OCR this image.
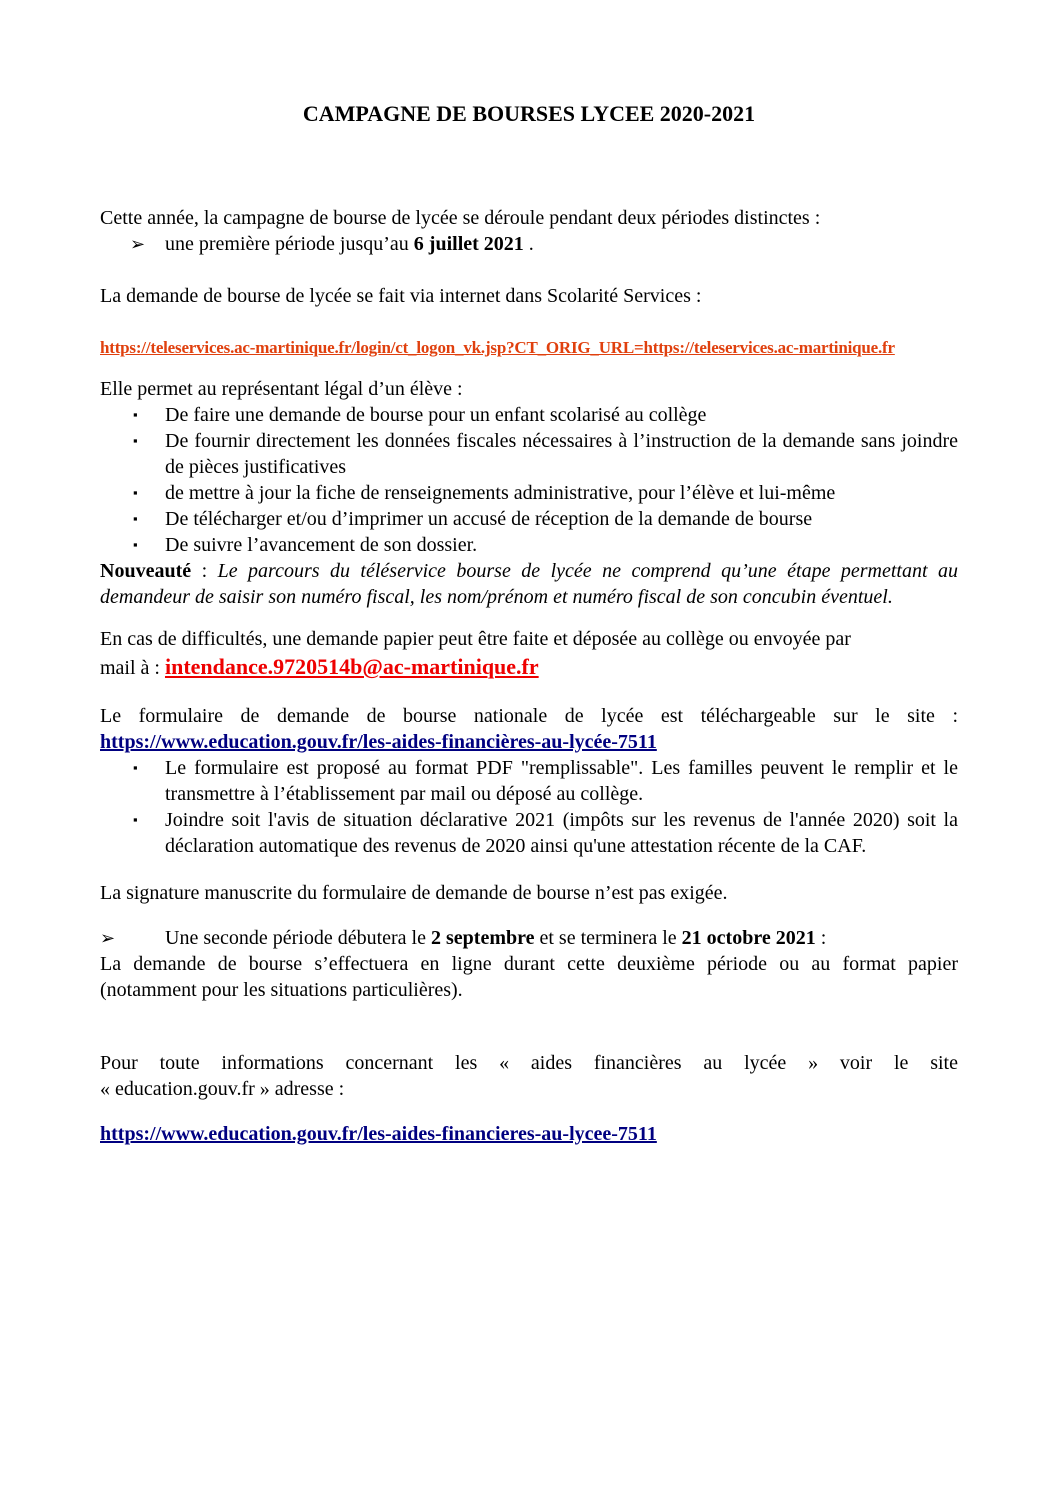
CAMPAGNE DE BOURSES LYCEE 2020-2021

Cette année, la campagne de bourse de lycée se déroule pendant deux périodes distinctes :

➢ une première période jusqu’au 6 juillet 2021 .

La demande de bourse de lycée se fait via internet dans Scolarité Services :

https://teleservices.ac-martinique.fr/login/ct_logon_vk.jsp?CT_ORIG_URL=https://teleservices.ac-martinique.fr

Elle permet au représentant légal d’un élève :

▪ De faire une demande de bourse pour un enfant scolarisé au collège
▪ De fournir directement les données fiscales nécessaires à l’instruction de la demande sans joindre de pièces justificatives
▪ de mettre à jour la fiche de renseignements administrative, pour l’élève et lui-même
▪ De télécharger et/ou d’imprimer un accusé de réception de la demande de bourse
▪ De suivre l’avancement de son dossier.

Nouveauté : Le parcours du téléservice bourse de lycée ne comprend qu’une étape permettant au demandeur de saisir son numéro fiscal, les nom/prénom et numéro fiscal de son concubin éventuel.

En cas de difficultés, une demande papier peut être faite et déposée au collège ou envoyée par

mail à : intendance.9720514b@ac-martinique.fr

Le formulaire de demande de bourse nationale de lycée est téléchargeable sur le site :

https://www.education.gouv.fr/les-aides-financières-au-lycée-7511

▪ Le formulaire est proposé au format PDF "remplissable". Les familles peuvent le remplir et le transmettre à l’établissement par mail ou déposé au collège.
▪ Joindre soit l'avis de situation déclarative 2021 (impôts sur les revenus de l'année 2020) soit la déclaration automatique des revenus de 2020 ainsi qu'une attestation récente de la CAF.

La signature manuscrite du formulaire de demande de bourse n’est pas exigée.

➢ Une seconde période débutera le 2 septembre et se terminera le 21 octobre 2021 :

La demande de bourse s’effectuera en ligne durant cette deuxième période ou au format papier

(notamment pour les situations particulières).

Pour toute informations concernant les « aides financières au lycée » voir le site

« education.gouv.fr » adresse :

https://www.education.gouv.fr/les-aides-financieres-au-lycee-7511
